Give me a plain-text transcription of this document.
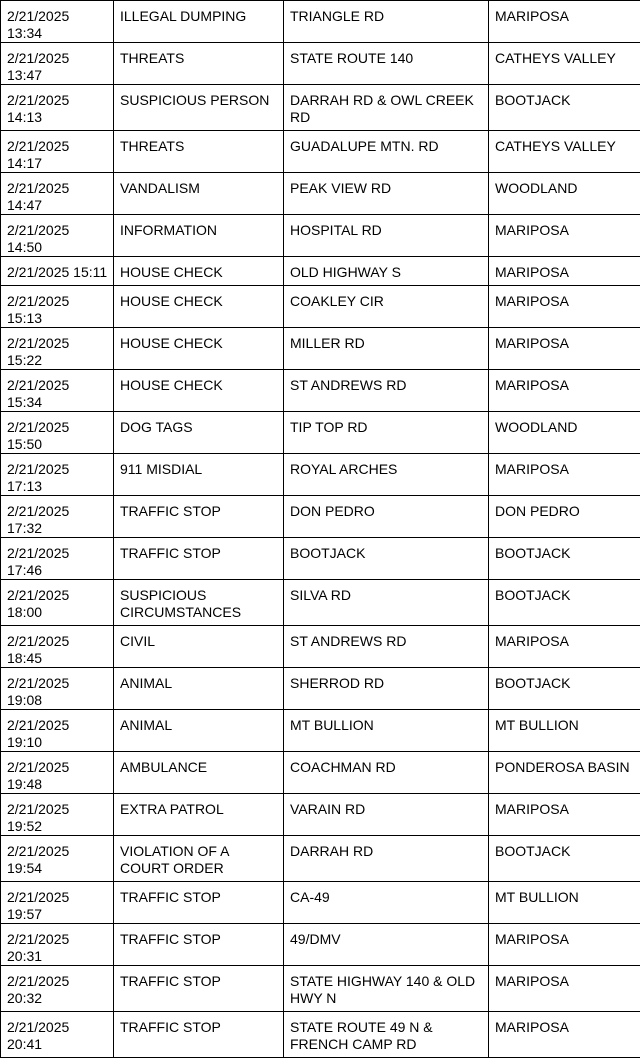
2/21/2025 13:34	ILLEGAL DUMPING	TRIANGLE RD	MARIPOSA
2/21/2025 13:47	THREATS	STATE ROUTE 140	CATHEYS VALLEY
2/21/2025 14:13	SUSPICIOUS PERSON	DARRAH RD & OWL CREEK RD	BOOTJACK
2/21/2025 14:17	THREATS	GUADALUPE MTN. RD	CATHEYS VALLEY
2/21/2025 14:47	VANDALISM	PEAK VIEW RD	WOODLAND
2/21/2025 14:50	INFORMATION	HOSPITAL RD	MARIPOSA
2/21/2025 15:11	HOUSE CHECK	OLD HIGHWAY S	MARIPOSA
2/21/2025 15:13	HOUSE CHECK	COAKLEY CIR	MARIPOSA
2/21/2025 15:22	HOUSE CHECK	MILLER RD	MARIPOSA
2/21/2025 15:34	HOUSE CHECK	ST ANDREWS RD	MARIPOSA
2/21/2025 15:50	DOG TAGS	TIP TOP RD	WOODLAND
2/21/2025 17:13	911 MISDIAL	ROYAL ARCHES	MARIPOSA
2/21/2025 17:32	TRAFFIC STOP	DON PEDRO	DON PEDRO
2/21/2025 17:46	TRAFFIC STOP	BOOTJACK	BOOTJACK
2/21/2025 18:00	SUSPICIOUS CIRCUMSTANCES	SILVA RD	BOOTJACK
2/21/2025 18:45	CIVIL	ST ANDREWS RD	MARIPOSA
2/21/2025 19:08	ANIMAL	SHERROD RD	BOOTJACK
2/21/2025 19:10	ANIMAL	MT BULLION	MT BULLION
2/21/2025 19:48	AMBULANCE	COACHMAN RD	PONDEROSA BASIN
2/21/2025 19:52	EXTRA PATROL	VARAIN RD	MARIPOSA
2/21/2025 19:54	VIOLATION OF A COURT ORDER	DARRAH RD	BOOTJACK
2/21/2025 19:57	TRAFFIC STOP	CA-49	MT BULLION
2/21/2025 20:31	TRAFFIC STOP	49/DMV	MARIPOSA
2/21/2025 20:32	TRAFFIC STOP	STATE HIGHWAY 140 & OLD HWY N	MARIPOSA
2/21/2025 20:41	TRAFFIC STOP	STATE ROUTE 49 N & FRENCH CAMP RD	MARIPOSA
